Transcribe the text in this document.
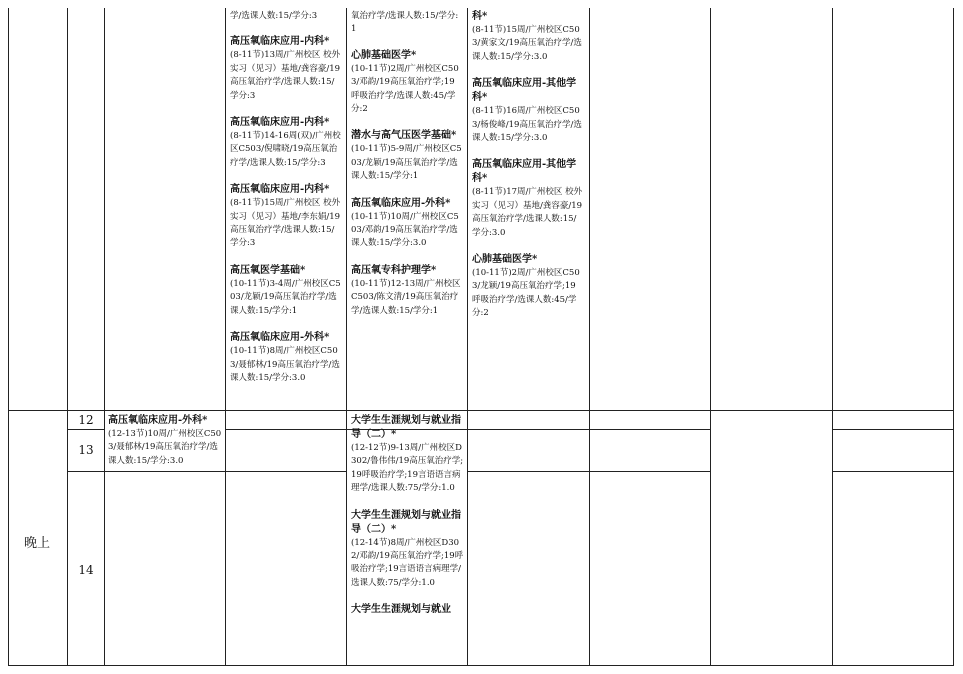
晚上
12
13
14
学/选课人数:15/学分:3
高压氧临床应用-内科*
(8-11节)13周/广州校区 校外实习（见习）基地/龚容豪/19高压氧治疗学/选课人数:15/学分:3
高压氧临床应用-内科*
(8-11节)14-16周(双)/广州校区C503/倪啸晓/19高压氧治疗学/选课人数:15/学分:3
高压氧临床应用-内科*
(8-11节)15周/广州校区 校外实习（见习）基地/李东娟/19高压氧治疗学/选课人数:15/学分:3
高压氧医学基础*
(10-11节)3-4周/广州校区C503/龙颖/19高压氧治疗学/选课人数:15/学分:1
高压氧临床应用-外科*
(10-11节)8周/广州校区C503/聂郁林/19高压氧治疗学/选课人数:15/学分:3.0
氧治疗学/选课人数:15/学分:1
心肺基础医学*
(10-11节)2周/广州校区C503/邓韵/19高压氧治疗学;19呼吸治疗学/选课人数:45/学分:2
潜水与高气压医学基础*
(10-11节)5-9周/广州校区C503/龙颖/19高压氧治疗学/选课人数:15/学分:1
高压氧临床应用-外科*
(10-11节)10周/广州校区C503/邓韵/19高压氧治疗学/选课人数:15/学分:3.0
高压氧专科护理学*
(10-11节)12-13周/广州校区C503/陈文清/19高压氧治疗学/选课人数:15/学分:1
科*
(8-11节)15周/广州校区C503/黄家文/19高压氧治疗学/选课人数:15/学分:3.0
高压氧临床应用-其他学科*
(8-11节)16周/广州校区C503/杨俊峰/19高压氧治疗学/选课人数:15/学分:3.0
高压氧临床应用-其他学科*
(8-11节)17周/广州校区 校外实习（见习）基地/龚容豪/19高压氧治疗学/选课人数:15/学分:3.0
心肺基础医学*
(10-11节)2周/广州校区C503/龙颖/19高压氧治疗学;19呼吸治疗学/选课人数:45/学分:2
高压氧临床应用-外科*
(12-13节)10周/广州校区C503/聂郁林/19高压氧治疗学/选课人数:15/学分:3.0
大学生生涯规划与就业指导（二）*
(12-12节)9-13周/广州校区D302/鲁伟伟/19高压氧治疗学;19呼吸治疗学;19言语语言病理学/选课人数:75/学分:1.0
大学生生涯规划与就业指导（二）*
(12-14节)8周/广州校区D302/邓韵/19高压氧治疗学;19呼吸治疗学;19言语语言病理学/选课人数:75/学分:1.0
大学生生涯规划与就业
